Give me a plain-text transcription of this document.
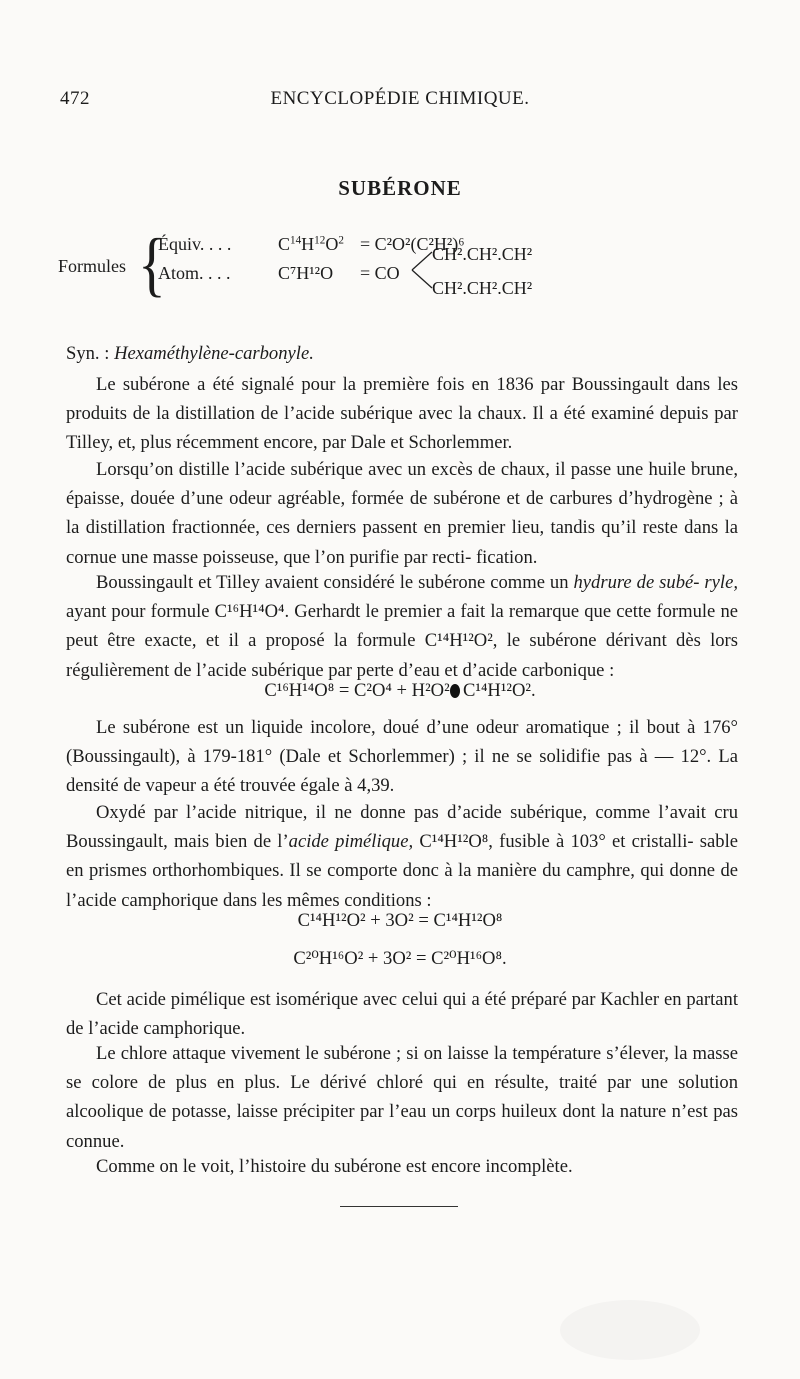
472	ENCYCLOPÉDIE CHIMIQUE.
SUBÉRONE
Formules {
Équiv. . . .	$C^{14}H^{12}O^2 = C^2O^2(C^2H^2)^6$
Atom. . . .	C⁷H¹²O = CO
CH².CH².CH²
CH².CH².CH²

Syn. : Hexaméthylène-carbonyle.

Le subérone a été signalé pour la première fois en 1836 par Boussingault dans les produits de la distillation de l’acide subérique avec la chaux. Il a été examiné depuis par Tilley, et, plus récemment encore, par Dale et Schorlemmer.

Lorsqu’on distille l’acide subérique avec un excès de chaux, il passe une huile brune, épaisse, douée d’une odeur agréable, formée de subérone et de carbures d’hydrogène ; à la distillation fractionnée, ces derniers passent en premier lieu, tandis qu’il reste dans la cornue une masse poisseuse, que l’on purifie par recti- fication.

Boussingault et Tilley avaient considéré le subérone comme un hydrure de subé- ryle, ayant pour formule C¹⁶H¹⁴O⁴. Gerhardt le premier a fait la remarque que cette formule ne peut être exacte, et il a proposé la formule C¹⁴H¹²O², le subérone dérivant dès lors régulièrement de l’acide subérique par perte d’eau et d’acide carbonique :

C¹⁶H¹⁴O⁸ = C²O⁴ + H²O² C¹⁴H¹²O².

Le subérone est un liquide incolore, doué d’une odeur aromatique ; il bout à 176° (Boussingault), à 179-181° (Dale et Schorlemmer) ; il ne se solidifie pas à — 12°. La densité de vapeur a été trouvée égale à 4,39.

Oxydé par l’acide nitrique, il ne donne pas d’acide subérique, comme l’avait cru Boussingault, mais bien de l’acide pimélique, C¹⁴H¹²O⁸, fusible à 103° et cristalli- sable en prismes orthorhombiques. Il se comporte donc à la manière du camphre, qui donne de l’acide camphorique dans les mêmes conditions :

C¹⁴H¹²O² + 3O² = C¹⁴H¹²O⁸
C²⁰H¹⁶O² + 3O² = C²⁰H¹⁶O⁸.

Cet acide pimélique est isomérique avec celui qui a été préparé par Kachler en partant de l’acide camphorique.

Le chlore attaque vivement le subérone ; si on laisse la température s’élever, la masse se colore de plus en plus. Le dérivé chloré qui en résulte, traité par une solution alcoolique de potasse, laisse précipiter par l’eau un corps huileux dont la nature n’est pas connue.

Comme on le voit, l’histoire du subérone est encore incomplète.
